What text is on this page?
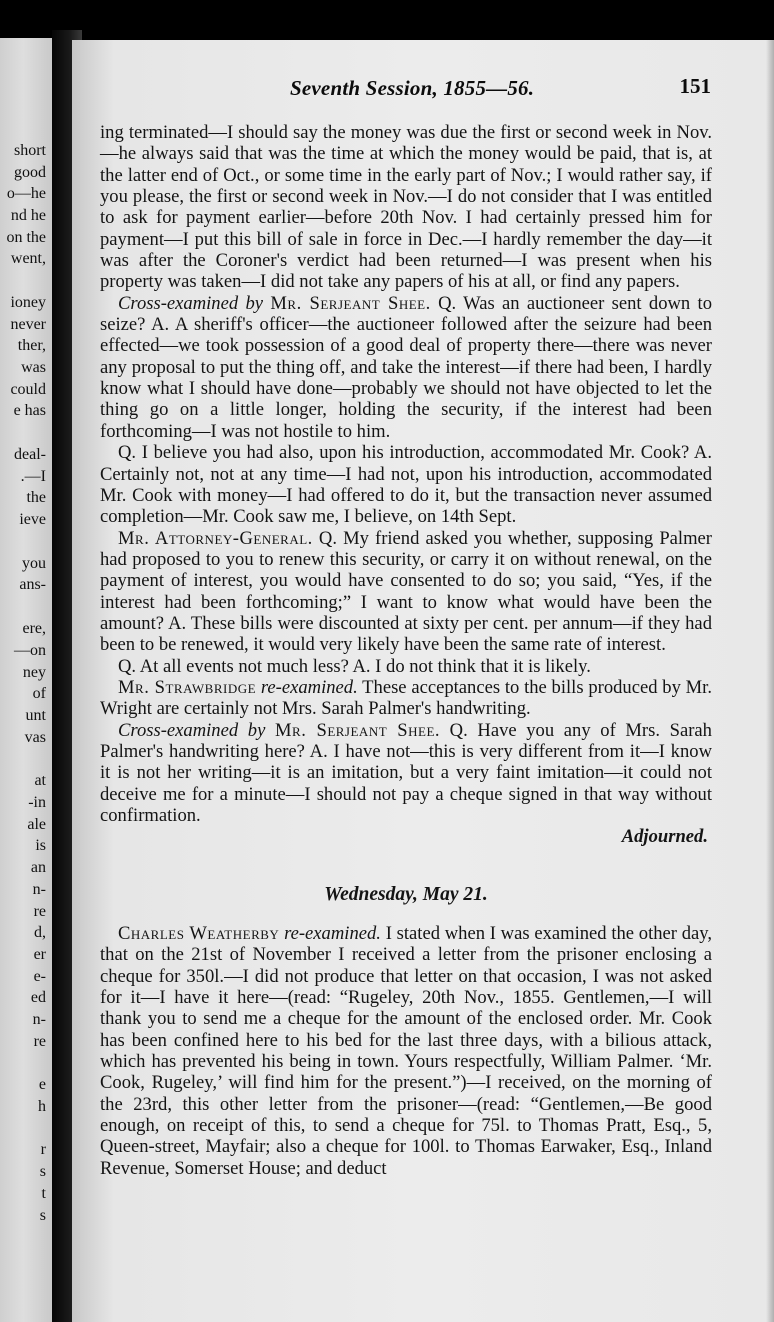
short
good
o—he
nd he
on the
went,
ioney
never
ther,
was
could
e has
deal-
.—I
the
ieve
you
ans-
ere,
—on
ney
of
unt
vas
at
-in
ale
is
an
n-
re
d,
er
e-
ed
n-
re
e
h
r
s
t
s
Seventh Session, 1855—56.	151

ing terminated—I should say the money was due the first or second week in Nov.—he always said that was the time at which the money would be paid, that is, at the latter end of Oct., or some time in the early part of Nov.; I would rather say, if you please, the first or second week in Nov.—I do not consider that I was entitled to ask for payment earlier—before 20th Nov. I had certainly pressed him for payment—I put this bill of sale in force in Dec.—I hardly remember the day—it was after the Coroner's verdict had been returned—I was present when his property was taken—I did not take any papers of his at all, or find any papers.

Cross-examined by Mr. Serjeant Shee. Q. Was an auctioneer sent down to seize? A. A sheriff's officer—the auctioneer followed after the seizure had been effected—we took possession of a good deal of property there—there was never any proposal to put the thing off, and take the interest—if there had been, I hardly know what I should have done—probably we should not have objected to let the thing go on a little longer, holding the security, if the interest had been forthcoming—I was not hostile to him.

Q. I believe you had also, upon his introduction, accommodated Mr. Cook? A. Certainly not, not at any time—I had not, upon his introduction, accommodated Mr. Cook with money—I had offered to do it, but the transaction never assumed completion—Mr. Cook saw me, I believe, on 14th Sept.

Mr. Attorney-General. Q. My friend asked you whether, supposing Palmer had proposed to you to renew this security, or carry it on without renewal, on the payment of interest, you would have consented to do so; you said, “Yes, if the interest had been forthcoming;” I want to know what would have been the amount? A. These bills were discounted at sixty per cent. per annum—if they had been to be renewed, it would very likely have been the same rate of interest.

Q. At all events not much less? A. I do not think that it is likely.

Mr. Strawbridge re-examined. These acceptances to the bills produced by Mr. Wright are certainly not Mrs. Sarah Palmer's handwriting.

Cross-examined by Mr. Serjeant Shee. Q. Have you any of Mrs. Sarah Palmer's handwriting here? A. I have not—this is very different from it—I know it is not her writing—it is an imitation, but a very faint imitation—it could not deceive me for a minute—I should not pay a cheque signed in that way without confirmation.

Adjourned.

Wednesday, May 21.

Charles Weatherby re-examined. I stated when I was examined the other day, that on the 21st of November I received a letter from the prisoner enclosing a cheque for 350l.—I did not produce that letter on that occasion, I was not asked for it—I have it here—(read: “Rugeley, 20th Nov., 1855. Gentlemen,—I will thank you to send me a cheque for the amount of the enclosed order. Mr. Cook has been confined here to his bed for the last three days, with a bilious attack, which has prevented his being in town. Yours respectfully, William Palmer. ‘Mr. Cook, Rugeley,’ will find him for the present.”)—I received, on the morning of the 23rd, this other letter from the prisoner—(read: “Gentlemen,—Be good enough, on receipt of this, to send a cheque for 75l. to Thomas Pratt, Esq., 5, Queen-street, Mayfair; also a cheque for 100l. to Thomas Earwaker, Esq., Inland Revenue, Somerset House; and deduct
